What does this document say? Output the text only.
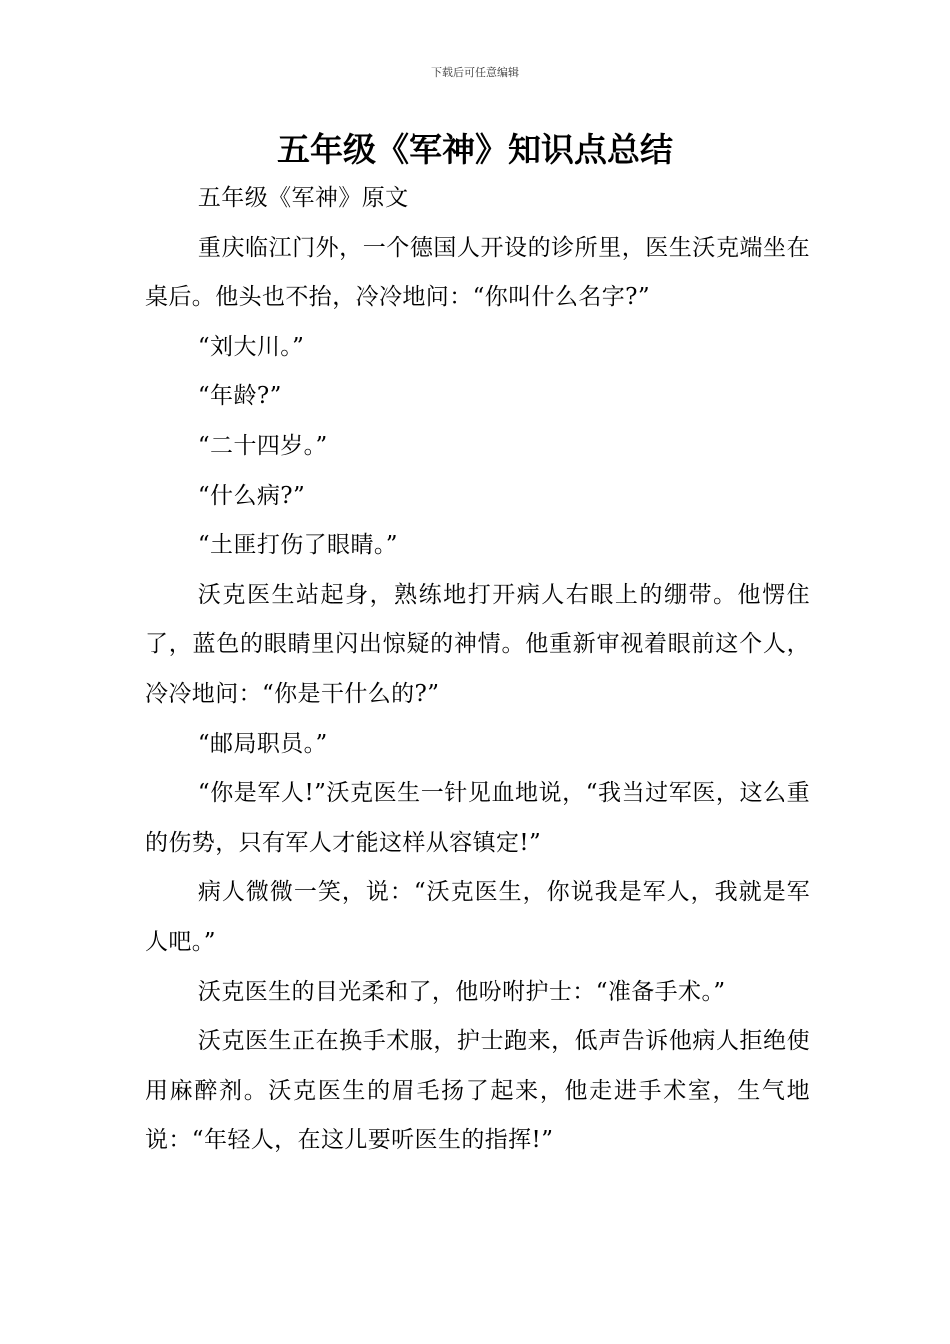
下载后可任意编辑
五年级《军神》知识点总结

五年级《军神》原文

重庆临江门外，一个德国人开设的诊所里，医生沃克端坐在桌后。他头也不抬，冷冷地问：“你叫什么名字?”

“刘大川。”

“年龄?”

“二十四岁。”

“什么病?”

“土匪打伤了眼睛。”

沃克医生站起身，熟练地打开病人右眼上的绷带。他愣住了，蓝色的眼睛里闪出惊疑的神情。他重新审视着眼前这个人，冷冷地问：“你是干什么的?”

“邮局职员。”

“你是军人!”沃克医生一针见血地说，“我当过军医，这么重的伤势，只有军人才能这样从容镇定!”

病人微微一笑，说：“沃克医生，你说我是军人，我就是军人吧。”

沃克医生的目光柔和了，他吩咐护士：“准备手术。”

沃克医生正在换手术服，护士跑来，低声告诉他病人拒绝使用麻醉剂。沃克医生的眉毛扬了起来，他走进手术室，生气地说：“年轻人，在这儿要听医生的指挥!”
